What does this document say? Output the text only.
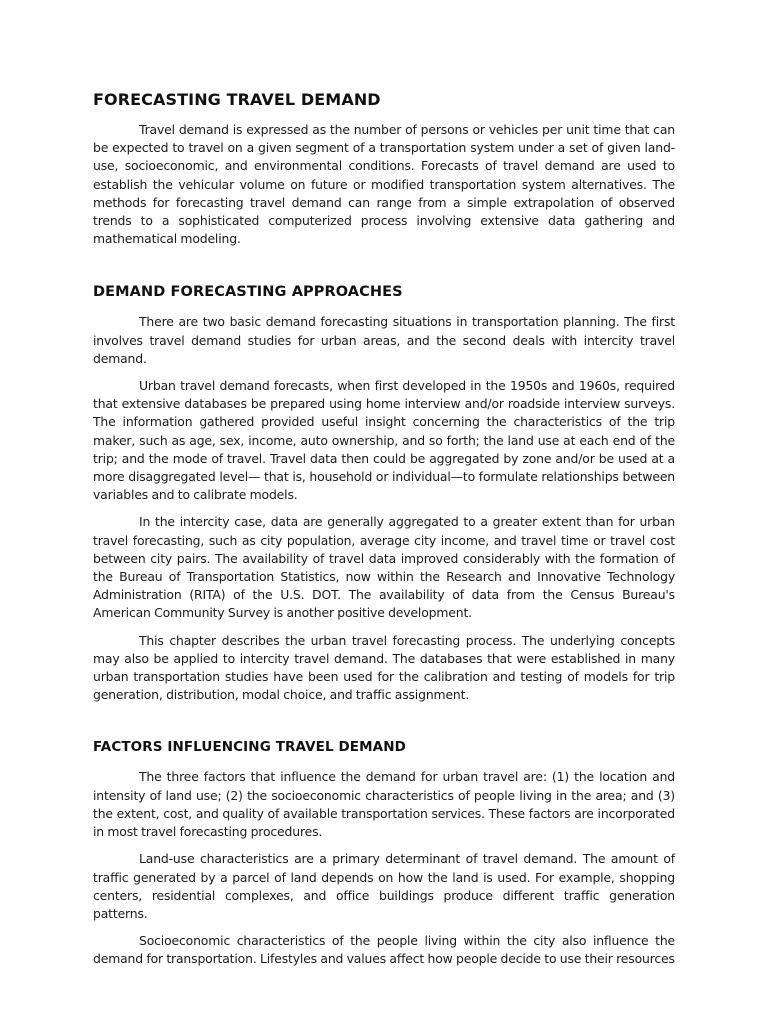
FORECASTING TRAVEL DEMAND

Travel demand is expressed as the number of persons or vehicles per unit time that can be expected to travel on a given segment of a transportation system under a set of given land-use, socioeconomic, and environmental conditions. Forecasts of travel demand are used to establish the vehicular volume on future or modified transportation system alternatives. The methods for forecasting travel demand can range from a simple extrapolation of observed trends to a sophisticated computerized process involving extensive data gathering and mathematical modeling.

DEMAND FORECASTING APPROACHES

There are two basic demand forecasting situations in transportation planning. The first involves travel demand studies for urban areas, and the second deals with intercity travel demand.

Urban travel demand forecasts, when first developed in the 1950s and 1960s, required that extensive databases be prepared using home interview and/or roadside interview surveys. The information gathered provided useful insight concerning the characteristics of the trip maker, such as age, sex, income, auto ownership, and so forth; the land use at each end of the trip; and the mode of travel. Travel data then could be aggregated by zone and/or be used at a more disaggregated level— that is, household or individual—to formulate relationships between variables and to calibrate models.

In the intercity case, data are generally aggregated to a greater extent than for urban travel forecasting, such as city population, average city income, and travel time or travel cost between city pairs. The availability of travel data improved considerably with the formation of the Bureau of Transportation Statistics, now within the Research and Innovative Technology Administration (RITA) of the U.S. DOT. The availability of data from the Census Bureau's American Community Survey is another positive development.

This chapter describes the urban travel forecasting process. The underlying concepts may also be applied to intercity travel demand. The databases that were established in many urban transportation studies have been used for the calibration and testing of models for trip generation, distribution, modal choice, and traffic assignment.

FACTORS INFLUENCING TRAVEL DEMAND

The three factors that influence the demand for urban travel are: (1) the location and intensity of land use; (2) the socioeconomic characteristics of people living in the area; and (3) the extent, cost, and quality of available transportation services. These factors are incorporated in most travel forecasting procedures.

Land-use characteristics are a primary determinant of travel demand. The amount of traffic generated by a parcel of land depends on how the land is used. For example, shopping centers, residential complexes, and office buildings produce different traffic generation patterns.

Socioeconomic characteristics of the people living within the city also influence the demand for transportation. Lifestyles and values affect how people decide to use their resources
